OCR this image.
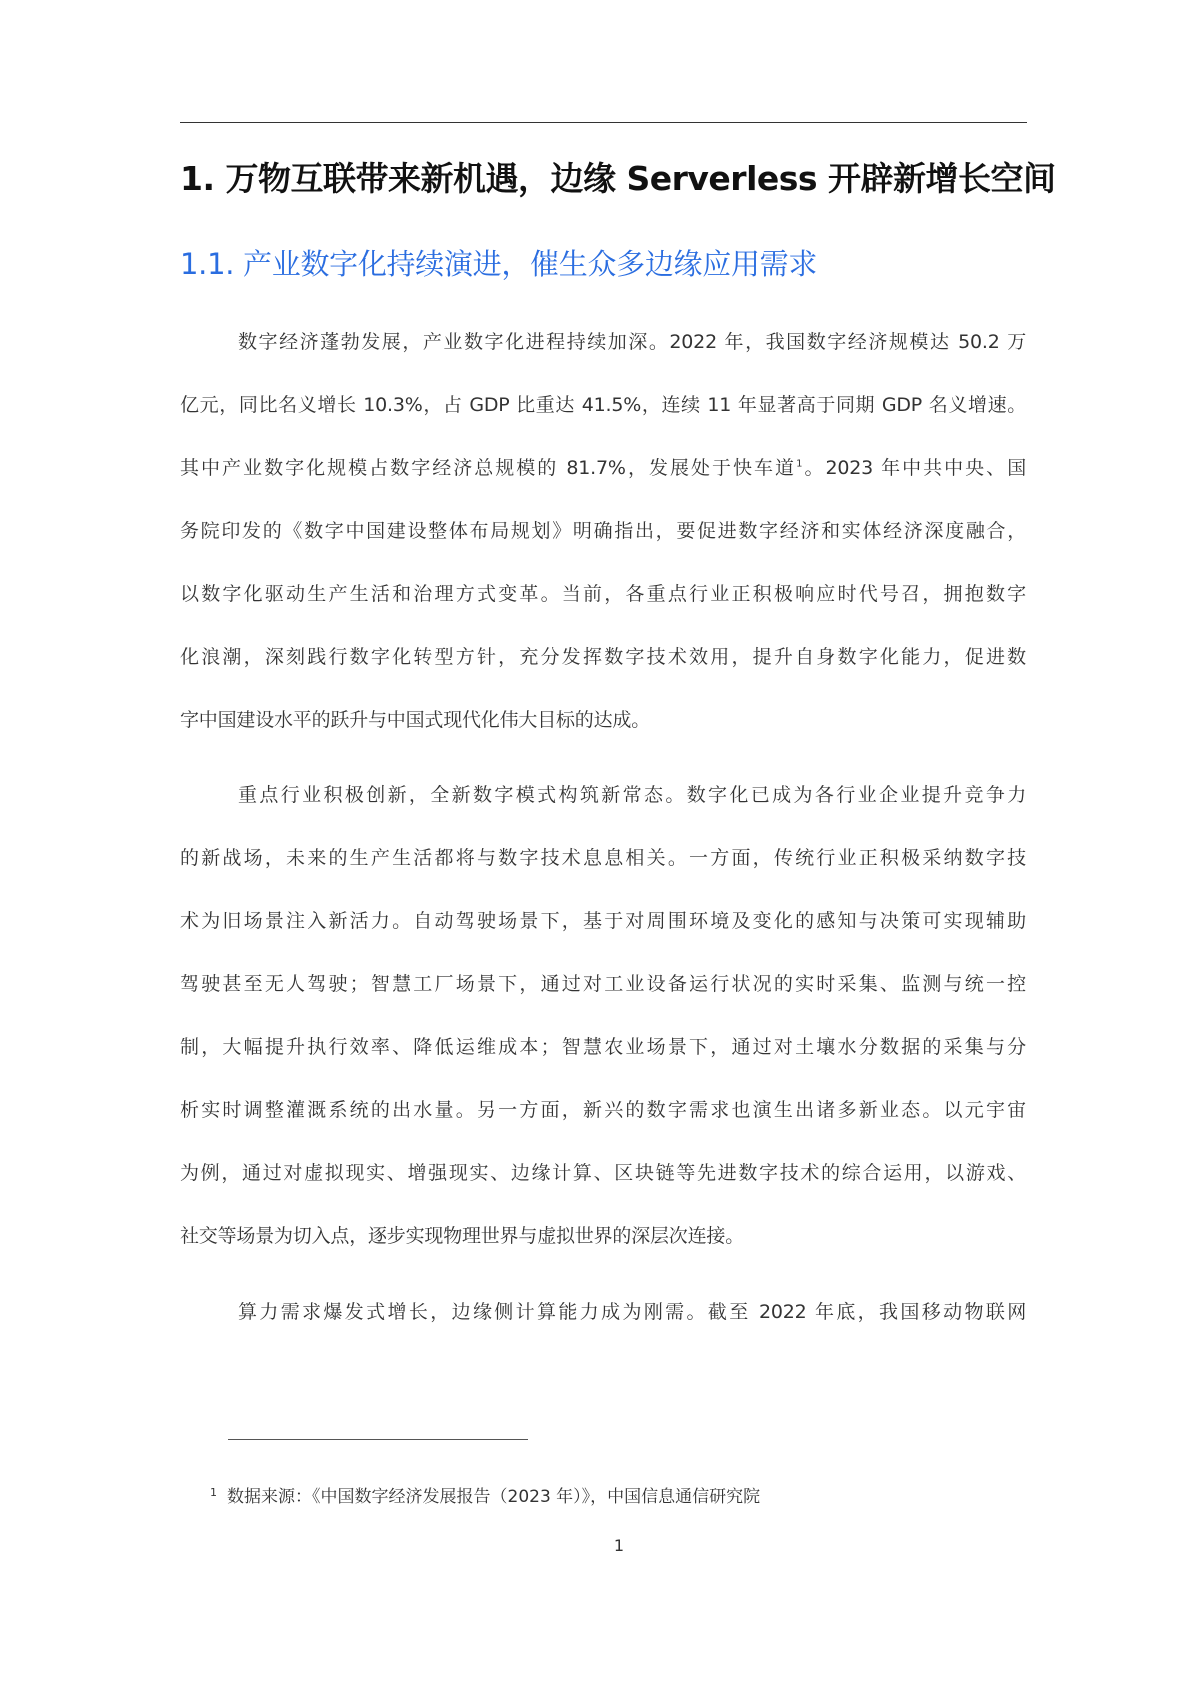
1. 万物互联带来新机遇，边缘 Serverless 开辟新增长空间
1.1. 产业数字化持续演进，催生众多边缘应用需求
数字经济蓬勃发展，产业数字化进程持续加深。2022 年，我国数字经济规模达 50.2 万
亿元，同比名义增长 10.3%，占 GDP 比重达 41.5%，连续 11 年显著高于同期 GDP 名义增速。
其中产业数字化规模占数字经济总规模的 81.7%，发展处于快车道$^1$。2023 年中共中央、国
务院印发的《数字中国建设整体布局规划》明确指出，要促进数字经济和实体经济深度融合，
以数字化驱动生产生活和治理方式变革。当前，各重点行业正积极响应时代号召，拥抱数字
化浪潮，深刻践行数字化转型方针，充分发挥数字技术效用，提升自身数字化能力，促进数
字中国建设水平的跃升与中国式现代化伟大目标的达成。
重点行业积极创新，全新数字模式构筑新常态。数字化已成为各行业企业提升竞争力
的新战场，未来的生产生活都将与数字技术息息相关。一方面，传统行业正积极采纳数字技
术为旧场景注入新活力。自动驾驶场景下，基于对周围环境及变化的感知与决策可实现辅助
驾驶甚至无人驾驶；智慧工厂场景下，通过对工业设备运行状况的实时采集、监测与统一控
制，大幅提升执行效率、降低运维成本；智慧农业场景下，通过对土壤水分数据的采集与分
析实时调整灌溉系统的出水量。另一方面，新兴的数字需求也演生出诸多新业态。以元宇宙
为例，通过对虚拟现实、增强现实、边缘计算、区块链等先进数字技术的综合运用，以游戏、
社交等场景为切入点，逐步实现物理世界与虚拟世界的深层次连接。
算力需求爆发式增长，边缘侧计算能力成为刚需。截至 2022 年底，我国移动物联网
$^1$ 数据来源：《中国数字经济发展报告（2023 年）》，中国信息通信研究院
1
